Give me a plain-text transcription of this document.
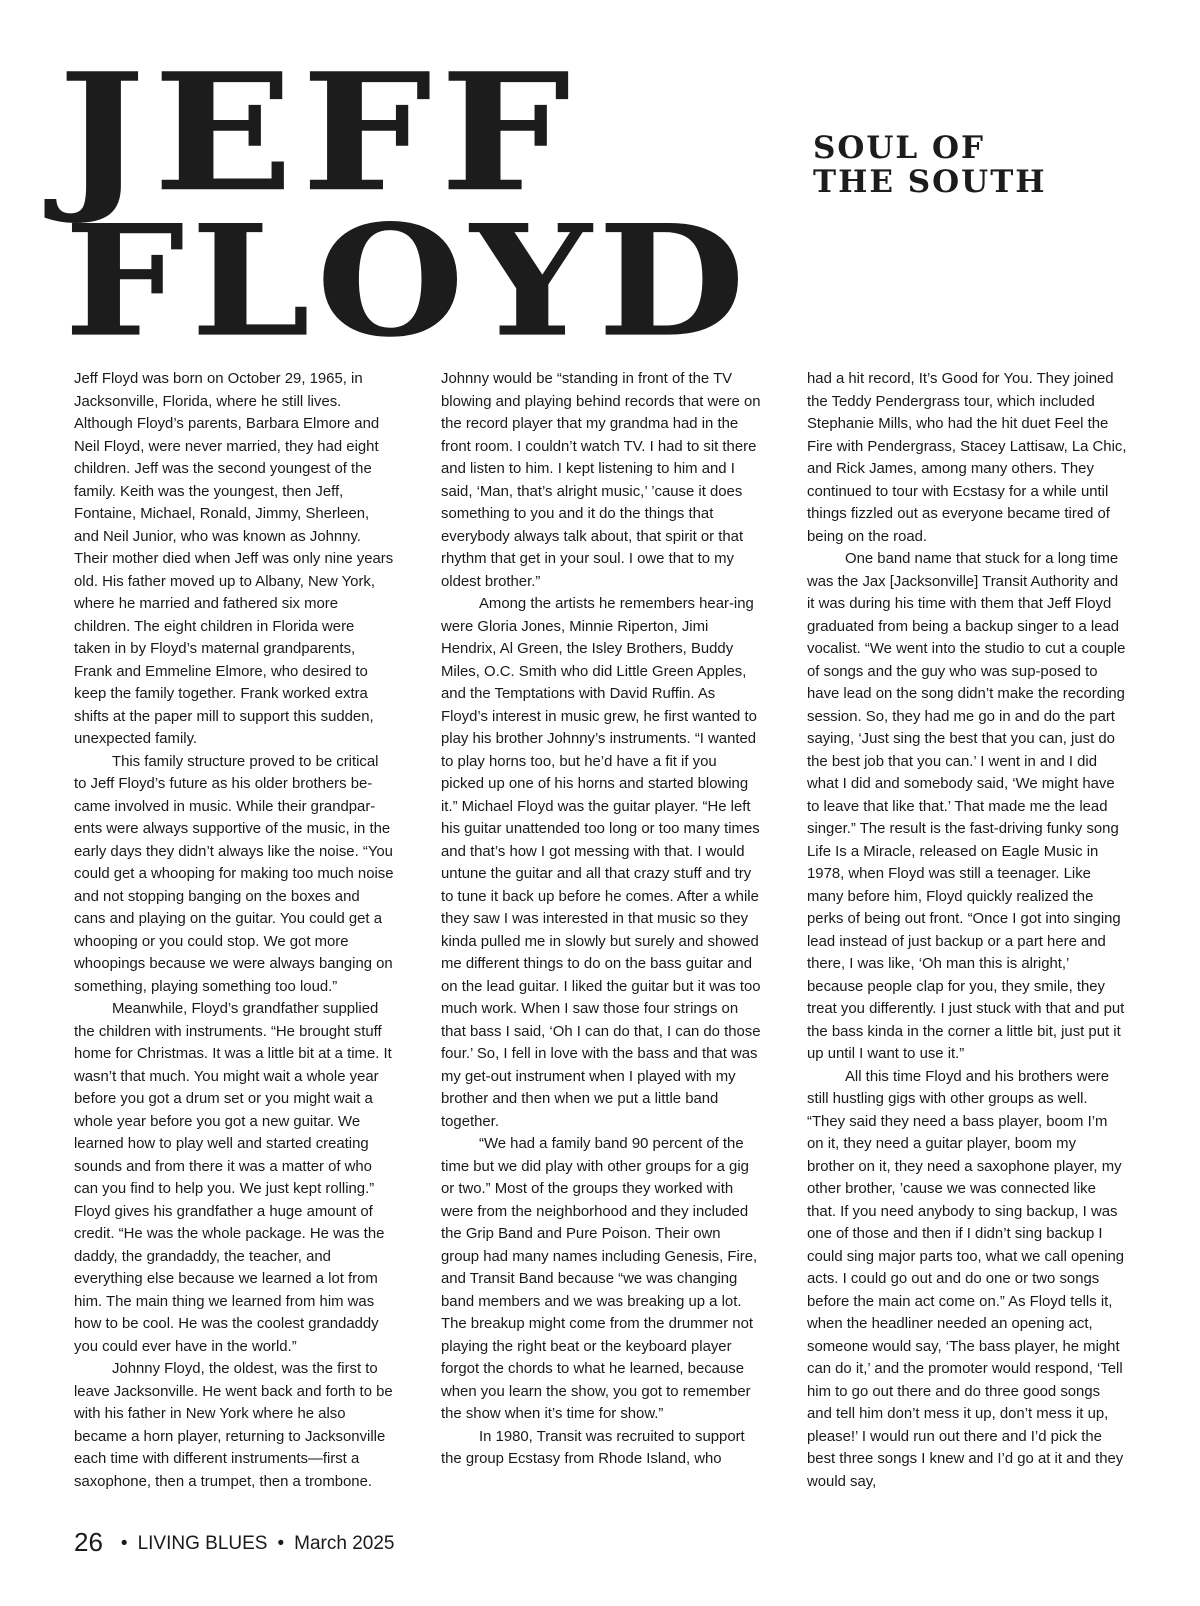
JEFF	SOUL OF
THE SOUTH
FLOYD

Jeff Floyd was born on October 29, 1965, in Jacksonville, Florida, where he still lives. Although Floyd’s parents, Barbara Elmore and Neil Floyd, were never married, they had eight children. Jeff was the second youngest of the family. Keith was the youngest, then Jeff, Fontaine, Michael, Ronald, Jimmy, Sherleen, and Neil Junior, who was known as Johnny. Their mother died when Jeff was only nine years old. His father moved up to Albany, New York, where he married and fathered six more children. The eight children in Florida were taken in by Floyd’s maternal grandparents, Frank and Emmeline Elmore, who desired to keep the family together. Frank worked extra shifts at the paper mill to support this sudden, unexpected family.

This family structure proved to be critical to Jeff Floyd’s future as his older brothers be-came involved in music. While their grandpar-ents were always supportive of the music, in the early days they didn’t always like the noise. “You could get a whooping for making too much noise and not stopping banging on the boxes and cans and playing on the guitar. You could get a whooping or you could stop. We got more whoopings because we were always banging on something, playing something too loud.”

Meanwhile, Floyd’s grandfather supplied the children with instruments. “He brought stuff home for Christmas. It was a little bit at a time. It wasn’t that much. You might wait a whole year before you got a drum set or you might wait a whole year before you got a new guitar. We learned how to play well and started creating sounds and from there it was a matter of who can you find to help you. We just kept rolling.” Floyd gives his grandfather a huge amount of credit. “He was the whole package. He was the daddy, the grandaddy, the teacher, and everything else because we learned a lot from him. The main thing we learned from him was how to be cool. He was the coolest grandaddy you could ever have in the world.”

Johnny Floyd, the oldest, was the first to leave Jacksonville. He went back and forth to be with his father in New York where he also became a horn player, returning to Jacksonville each time with different instruments—first a saxophone, then a trumpet, then a trombone.

Johnny would be “standing in front of the TV blowing and playing behind records that were on the record player that my grandma had in the front room. I couldn’t watch TV. I had to sit there and listen to him. I kept listening to him and I said, ‘Man, that’s alright music,’ ’cause it does something to you and it do the things that everybody always talk about, that spirit or that rhythm that get in your soul. I owe that to my oldest brother.”

Among the artists he remembers hear-ing were Gloria Jones, Minnie Riperton, Jimi Hendrix, Al Green, the Isley Brothers, Buddy Miles, O.C. Smith who did Little Green Apples, and the Temptations with David Ruffin. As Floyd’s interest in music grew, he first wanted to play his brother Johnny’s instruments. “I wanted to play horns too, but he’d have a fit if you picked up one of his horns and started blowing it.” Michael Floyd was the guitar player. “He left his guitar unattended too long or too many times and that’s how I got messing with that. I would untune the guitar and all that crazy stuff and try to tune it back up before he comes. After a while they saw I was interested in that music so they kinda pulled me in slowly but surely and showed me different things to do on the bass guitar and on the lead guitar. I liked the guitar but it was too much work. When I saw those four strings on that bass I said, ‘Oh I can do that, I can do those four.’ So, I fell in love with the bass and that was my get-out instrument when I played with my brother and then when we put a little band together.

“We had a family band 90 percent of the time but we did play with other groups for a gig or two.” Most of the groups they worked with were from the neighborhood and they included the Grip Band and Pure Poison. Their own group had many names including Genesis, Fire, and Transit Band because “we was changing band members and we was breaking up a lot. The breakup might come from the drummer not playing the right beat or the keyboard player forgot the chords to what he learned, because when you learn the show, you got to remember the show when it’s time for show.”

In 1980, Transit was recruited to support the group Ecstasy from Rhode Island, who

had a hit record, It’s Good for You. They joined the Teddy Pendergrass tour, which included Stephanie Mills, who had the hit duet Feel the Fire with Pendergrass, Stacey Lattisaw, La Chic, and Rick James, among many others. They continued to tour with Ecstasy for a while until things fizzled out as everyone became tired of being on the road.

One band name that stuck for a long time was the Jax [Jacksonville] Transit Authority and it was during his time with them that Jeff Floyd graduated from being a backup singer to a lead vocalist. “We went into the studio to cut a couple of songs and the guy who was sup-posed to have lead on the song didn’t make the recording session. So, they had me go in and do the part saying, ‘Just sing the best that you can, just do the best job that you can.’ I went in and I did what I did and somebody said, ‘We might have to leave that like that.’ That made me the lead singer.” The result is the fast-driving funky song Life Is a Miracle, released on Eagle Music in 1978, when Floyd was still a teenager. Like many before him, Floyd quickly realized the perks of being out front. “Once I got into singing lead instead of just backup or a part here and there, I was like, ‘Oh man this is alright,’ because people clap for you, they smile, they treat you differently. I just stuck with that and put the bass kinda in the corner a little bit, just put it up until I want to use it.”

All this time Floyd and his brothers were still hustling gigs with other groups as well. “They said they need a bass player, boom I’m on it, they need a guitar player, boom my brother on it, they need a saxophone player, my other brother, ’cause we was connected like that. If you need anybody to sing backup, I was one of those and then if I didn’t sing backup I could sing major parts too, what we call opening acts. I could go out and do one or two songs before the main act come on.” As Floyd tells it, when the headliner needed an opening act, someone would say, ‘The bass player, he might can do it,’ and the promoter would respond, ‘Tell him to go out there and do three good songs and tell him don’t mess it up, don’t mess it up, please!’ I would run out there and I’d pick the best three songs I knew and I’d go at it and they would say,

26 • LIVING BLUES • March 2025
